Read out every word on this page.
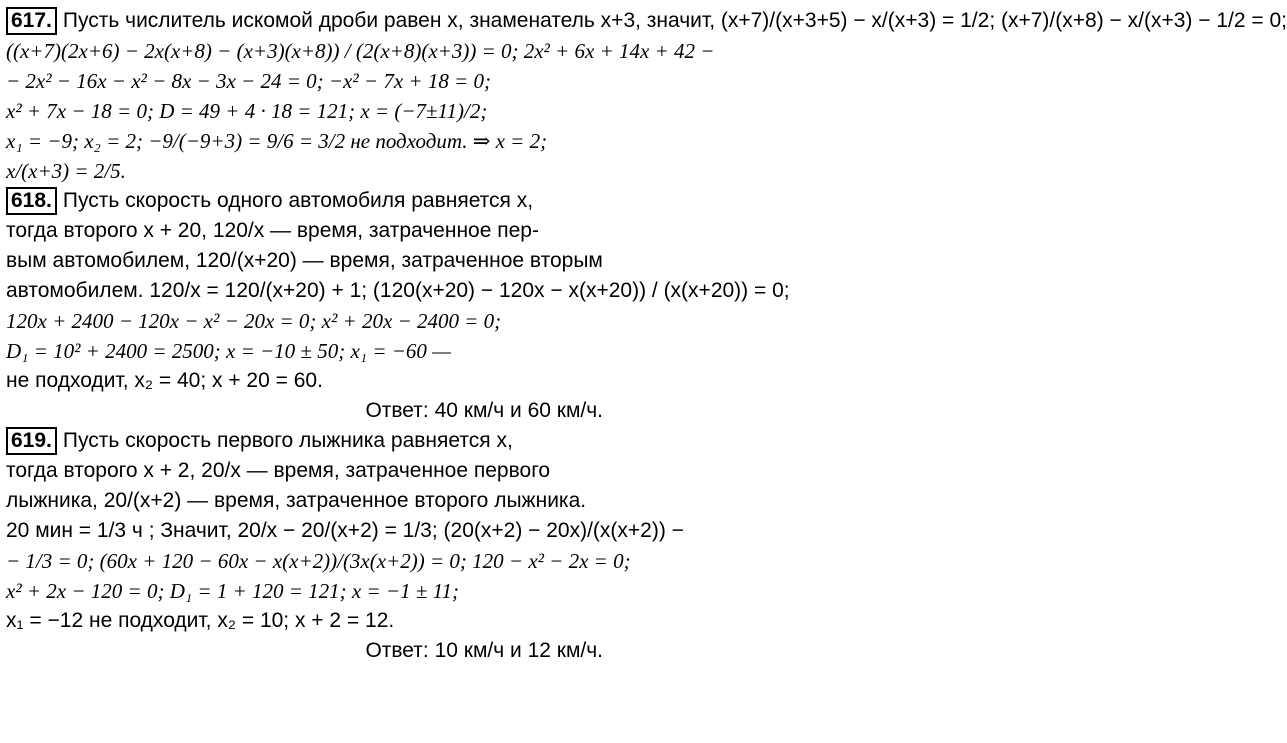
617. Пусть числитель искомой дроби равен x, знаменатель x+3, значит, (x+7)/(x+3+5) − x/(x+3) = 1/2; (x+7)/(x+8) − x/(x+3) − 1/2 = 0;
((x+7)(2x+6) − 2x(x+8) − (x+3)(x+8)) / (2(x+8)(x+3)) = 0; 2x² + 6x + 14x + 42 −
− 2x² − 16x − x² − 8x − 3x − 24 = 0; −x² − 7x + 18 = 0;
x² + 7x − 18 = 0; D = 49 + 4 · 18 = 121; x = (−7±11)/2;
x₁ = −9; x₂ = 2; −9/(−9+3) = 9/6 = 3/2 не подходит. ⇒ x = 2;
x/(x+3) = 2/5.
618. Пусть скорость одного автомобиля равняется x,
тогда второго x + 20, 120/x — время, затраченное пер-
вым автомобилем, 120/(x+20) — время, затраченное вторым
автомобилем. 120/x = 120/(x+20) + 1; (120(x+20) − 120x − x(x+20)) / (x(x+20)) = 0;
120x + 2400 − 120x − x² − 20x = 0; x² + 20x − 2400 = 0;
D₁ = 10² + 2400 = 2500; x = −10 ± 50; x₁ = −60 —
не подходит, x₂ = 40; x + 20 = 60.
Ответ: 40 км/ч и 60 км/ч.
619. Пусть скорость первого лыжника равняется x,
тогда второго x + 2, 20/x — время, затраченное первого
лыжника, 20/(x+2) — время, затраченное второго лыжника.
20 мин = 1/3 ч ; Значит, 20/x − 20/(x+2) = 1/3; (20(x+2) − 20x)/(x(x+2)) −
− 1/3 = 0; (60x + 120 − 60x − x(x+2))/(3x(x+2)) = 0; 120 − x² − 2x = 0;
x² + 2x − 120 = 0; D₁ = 1 + 120 = 121; x = −1 ± 11;
x₁ = −12 не подходит, x₂ = 10; x + 2 = 12.
Ответ: 10 км/ч и 12 км/ч.
